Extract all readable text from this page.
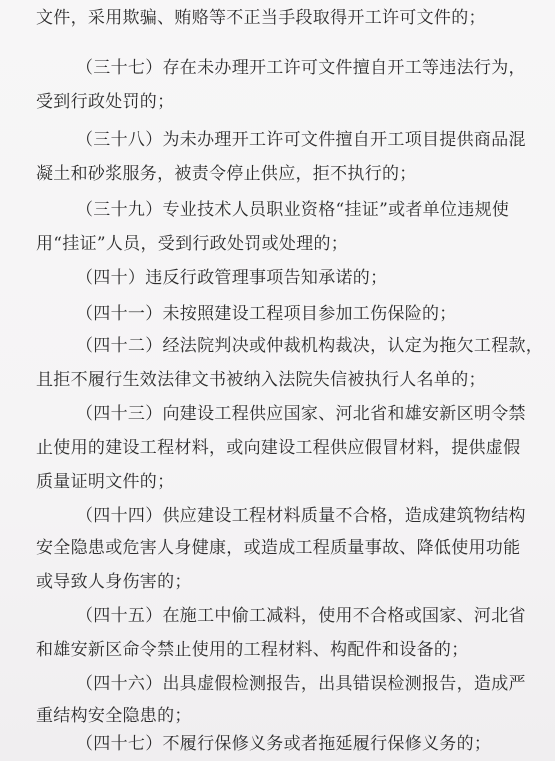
文件，采用欺骗、贿赂等不正当手段取得开工许可文件的；
（三十七）存在未办理开工许可文件擅自开工等违法行为，
受到行政处罚的；
（三十八）为未办理开工许可文件擅自开工项目提供商品混
凝土和砂浆服务，被责令停止供应，拒不执行的；
（三十九）专业技术人员职业资格“挂证”或者单位违规使
用“挂证”人员，受到行政处罚或处理的；
（四十）违反行政管理事项告知承诺的；
（四十一）未按照建设工程项目参加工伤保险的；
（四十二）经法院判决或仲裁机构裁决，认定为拖欠工程款，
且拒不履行生效法律文书被纳入法院失信被执行人名单的；
（四十三）向建设工程供应国家、河北省和雄安新区明令禁
止使用的建设工程材料，或向建设工程供应假冒材料，提供虚假
质量证明文件的；
（四十四）供应建设工程材料质量不合格，造成建筑物结构
安全隐患或危害人身健康，或造成工程质量事故、降低使用功能
或导致人身伤害的；
（四十五）在施工中偷工减料，使用不合格或国家、河北省
和雄安新区命令禁止使用的工程材料、构配件和设备的；
（四十六）出具虚假检测报告，出具错误检测报告，造成严
重结构安全隐患的；
（四十七）不履行保修义务或者拖延履行保修义务的；
